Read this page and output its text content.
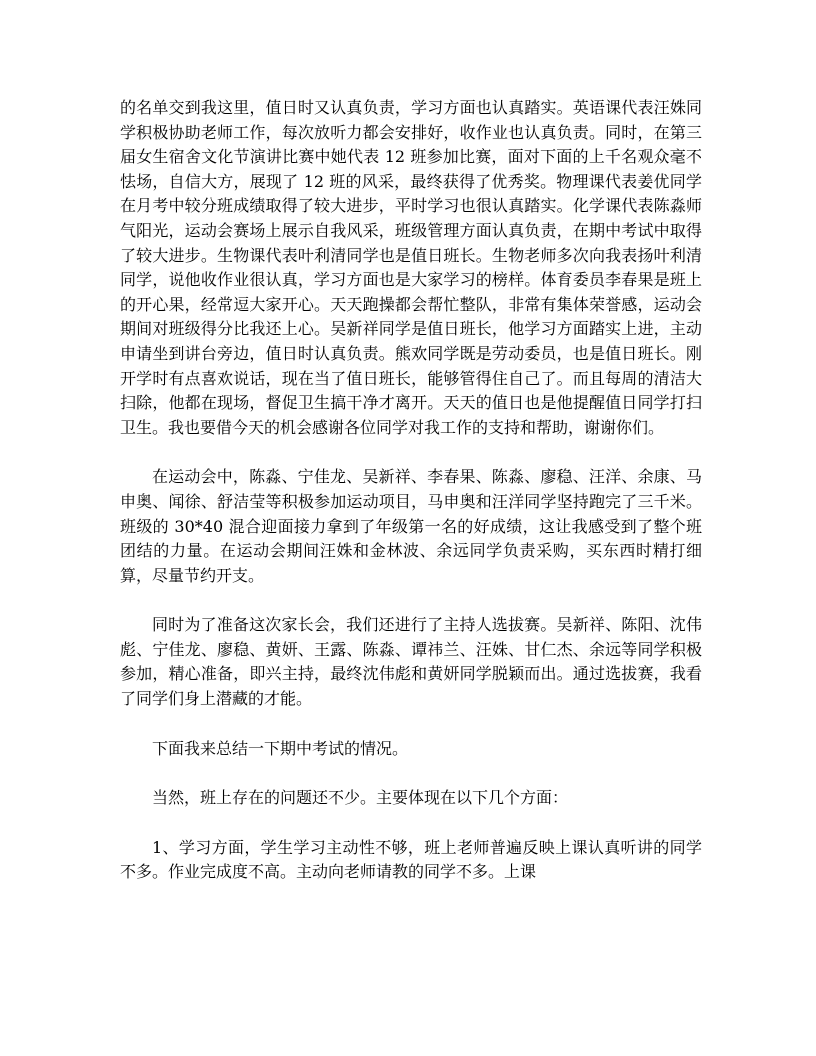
的名单交到我这里，值日时又认真负责，学习方面也认真踏实。英语课代表汪姝同学积极协助老师工作，每次放听力都会安排好，收作业也认真负责。同时，在第三届女生宿舍文化节演讲比赛中她代表 12 班参加比赛，面对下面的上千名观众毫不怯场，自信大方，展现了 12 班的风采，最终获得了优秀奖。物理课代表姜优同学在月考中较分班成绩取得了较大进步，平时学习也很认真踏实。化学课代表陈淼师气阳光，运动会赛场上展示自我风采，班级管理方面认真负责，在期中考试中取得了较大进步。生物课代表叶利清同学也是值日班长。生物老师多次向我表扬叶利清同学，说他收作业很认真，学习方面也是大家学习的榜样。体育委员李春果是班上的开心果，经常逗大家开心。天天跑操都会帮忙整队，非常有集体荣誉感，运动会期间对班级得分比我还上心。吴新祥同学是值日班长，他学习方面踏实上进，主动申请坐到讲台旁边，值日时认真负责。熊欢同学既是劳动委员，也是值日班长。刚开学时有点喜欢说话，现在当了值日班长，能够管得住自己了。而且每周的清洁大扫除，他都在现场，督促卫生搞干净才离开。天天的值日也是他提醒值日同学打扫卫生。我也要借今天的机会感谢各位同学对我工作的支持和帮助，谢谢你们。

在运动会中，陈淼、宁佳龙、吴新祥、李春果、陈淼、廖稳、汪洋、余康、马申奥、闻徐、舒洁莹等积极参加运动项目，马申奥和汪洋同学坚持跑完了三千米。班级的 30*40 混合迎面接力拿到了年级第一名的好成绩，这让我感受到了整个班团结的力量。在运动会期间汪姝和金林波、余远同学负责采购，买东西时精打细算，尽量节约开支。

同时为了准备这次家长会，我们还进行了主持人选拔赛。吴新祥、陈阳、沈伟彪、宁佳龙、廖稳、黄妍、王露、陈淼、谭祎兰、汪姝、甘仁杰、余远等同学积极参加，精心准备，即兴主持，最终沈伟彪和黄妍同学脱颖而出。通过选拔赛，我看了同学们身上潜藏的才能。

下面我来总结一下期中考试的情况。

当然，班上存在的问题还不少。主要体现在以下几个方面：

1、学习方面，学生学习主动性不够，班上老师普遍反映上课认真听讲的同学不多。作业完成度不高。主动向老师请教的同学不多。上课
